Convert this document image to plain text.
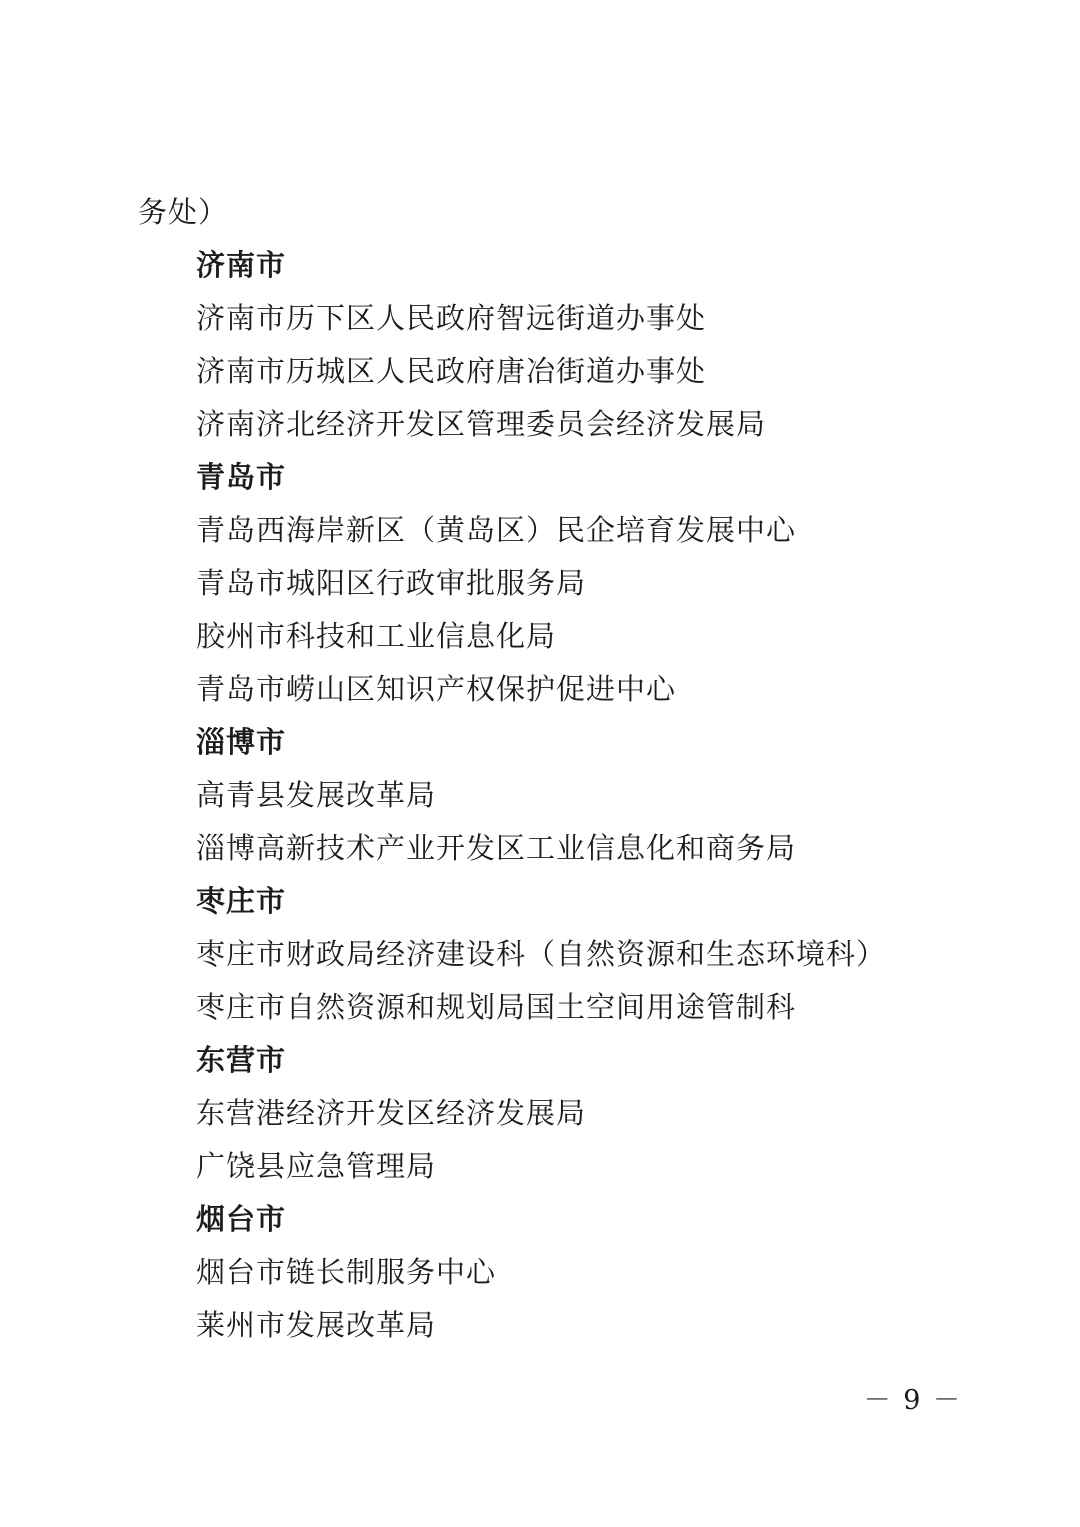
务处）
济南市
济南市历下区人民政府智远街道办事处
济南市历城区人民政府唐冶街道办事处
济南济北经济开发区管理委员会经济发展局
青岛市
青岛西海岸新区（黄岛区）民企培育发展中心
青岛市城阳区行政审批服务局
胶州市科技和工业信息化局
青岛市崂山区知识产权保护促进中心
淄博市
高青县发展改革局
淄博高新技术产业开发区工业信息化和商务局
枣庄市
枣庄市财政局经济建设科（自然资源和生态环境科）
枣庄市自然资源和规划局国土空间用途管制科
东营市
东营港经济开发区经济发展局
广饶县应急管理局
烟台市
烟台市链长制服务中心
莱州市发展改革局
－ 9 －
